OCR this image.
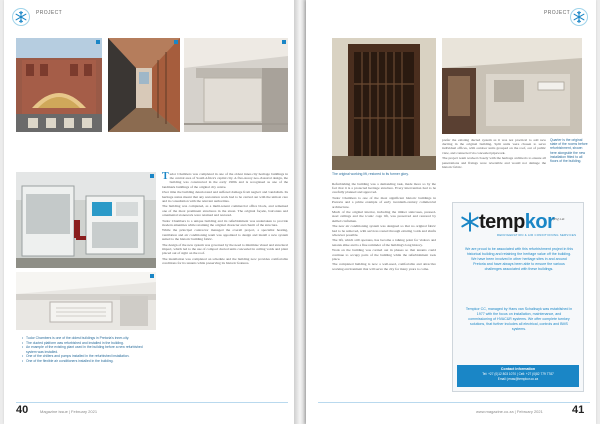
PROJECT
• Tudor Chambers is one of the oldest buildings in Pretoria's inner-city.
• The ducted platform was refurbished and installed in the building.
• An example of the existing plant used in the building before a new refurbished system was installed.
• One of the chillers and pumps installed in the refurbished installation.
• One of the flexible air conditioners installed in the building.

Tudor Chambers was completed in one of the oldest inner-city heritage buildings in the central area of South Africa's capital city. A five-storey neo-classical design, the building was constructed in the early 1900s and is recognised as one of the landmark buildings of the original city centre.

Over time the building deteriorated and suffered damage from neglect and vandalism. Its heritage status meant that any restoration work had to be carried out with the utmost care and in consultation with the relevant authorities.

The building was completed, as a multi-tenant commercial office block, and remained one of the most prominent structures in the street. The original façade, balconies and ornamental stonework were retained and restored.

Tudor Chambers is a unique building and its refurbishment was undertaken to provide modern amenities while retaining the original character and charm of the structure.

While the principal contractor managed the overall project, a specialist heating, ventilation and air conditioning team was appointed to design and install a new system suited to the historic building fabric.

The design of the new system was governed by the need to minimise visual and structural impact, which led to the use of compact ducted units concealed in ceiling voids and plant placed out of sight on the roof.

The installation was completed on schedule and the building now provides comfortable conditions for its tenants while preserving its historic features.

40	Magazine issue | February 2021
PROJECT
Quarter is the original state of the rooms before refurbishment, shown here alongside the new installation fitted to all floors of the building.
The original working lift, restored to its former glory.

prefer the existing ducted system as it was not practical to add new ducting in the original building. Split units were chosen to serve individual offices, with outdoor units grouped on the roof, out of public view, and connected via concealed pipework.

The project team worked closely with the heritage architects to ensure all penetrations and fixings were reversible and would not damage the historic fabric.

Refurbishing the building was a demanding task, made more so by the fact that it is a protected heritage structure. Every intervention had to be carefully planned and approved.

Tudor Chambers is one of the most significant historic buildings in Pretoria and a prime example of early twentieth-century commercial architecture.

Much of the original interior, including the timber staircases, pressed-steel ceilings and the iconic cage lift, was preserved and restored by skilled craftsmen.

The new air conditioning system was designed so that no original fabric had to be removed, with services routed through existing voids and shafts wherever possible.

The lift, which still operates, has become a talking point for visitors and tenants alike and is a fine reminder of the building's long history.

Work on the building was carried out in phases so that tenants could continue to occupy parts of the building while the refurbishment took place.

The completed building is now a well-used, comfortable and attractive working environment that will serve the city for many years to come.

tempkor
(Pty) Ltd
REFRIGERATION & AIR CONDITIONING SERVICES
We are proud to be associated with this refurbishment project in this historical building and retaining the heritage value off the building. We have been involved in other heritage sites in and around Pretoria and have always been able to ensure the various challenges associated with these buildings.
Tempkor CC, managed by Hans van Schalkwyk was established in 1977 with the focus on installation, maintenance, and commissioning of HVAC&R systems. We offer complete turnkey solutions, that further includes all electrical, controls and BMS systems.
Contact Information
Tel: +27 (0)12 803 1070 | Cell: +27 (0)82 779 7787
Email: jenas@tempkor.co.za
www.magazine.co.za | February 2021	41
